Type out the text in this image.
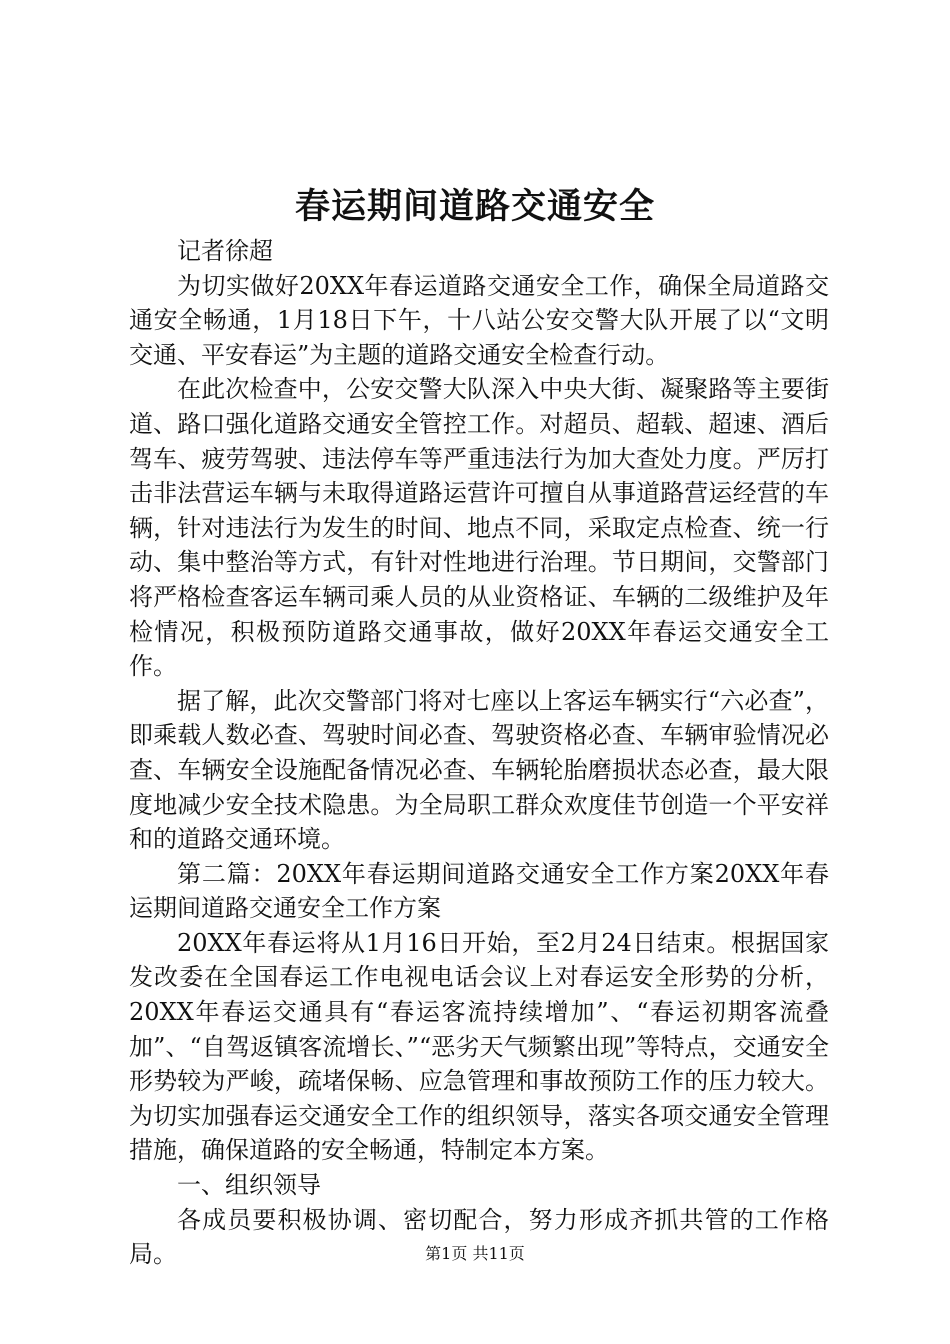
春运期间道路交通安全

记者徐超

为切实做好20XX年春运道路交通安全工作，确保全局道路交通安全畅通，1月18日下午，十八站公安交警大队开展了以“文明交通、平安春运”为主题的道路交通安全检查行动。

在此次检查中，公安交警大队深入中央大街、凝聚路等主要街道、路口强化道路交通安全管控工作。对超员、超载、超速、酒后驾车、疲劳驾驶、违法停车等严重违法行为加大查处力度。严厉打击非法营运车辆与未取得道路运营许可擅自从事道路营运经营的车辆，针对违法行为发生的时间、地点不同，采取定点检查、统一行动、集中整治等方式，有针对性地进行治理。节日期间，交警部门将严格检查客运车辆司乘人员的从业资格证、车辆的二级维护及年检情况，积极预防道路交通事故，做好20XX年春运交通安全工作。

据了解，此次交警部门将对七座以上客运车辆实行“六必查”，即乘载人数必查、驾驶时间必查、驾驶资格必查、车辆审验情况必查、车辆安全设施配备情况必查、车辆轮胎磨损状态必查，最大限度地减少安全技术隐患。为全局职工群众欢度佳节创造一个平安祥和的道路交通环境。

第二篇：20XX年春运期间道路交通安全工作方案20XX年春运期间道路交通安全工作方案

20XX年春运将从1月16日开始，至2月24日结束。根据国家发改委在全国春运工作电视电话会议上对春运安全形势的分析，20XX年春运交通具有“春运客流持续增加”、“春运初期客流叠加”、“自驾返镇客流增长、”“恶劣天气频繁出现”等特点，交通安全形势较为严峻，疏堵保畅、应急管理和事故预防工作的压力较大。为切实加强春运交通安全工作的组织领导，落实各项交通安全管理措施，确保道路的安全畅通，特制定本方案。

一、组织领导

各成员要积极协调、密切配合，努力形成齐抓共管的工作格局。	第1页 共11页
